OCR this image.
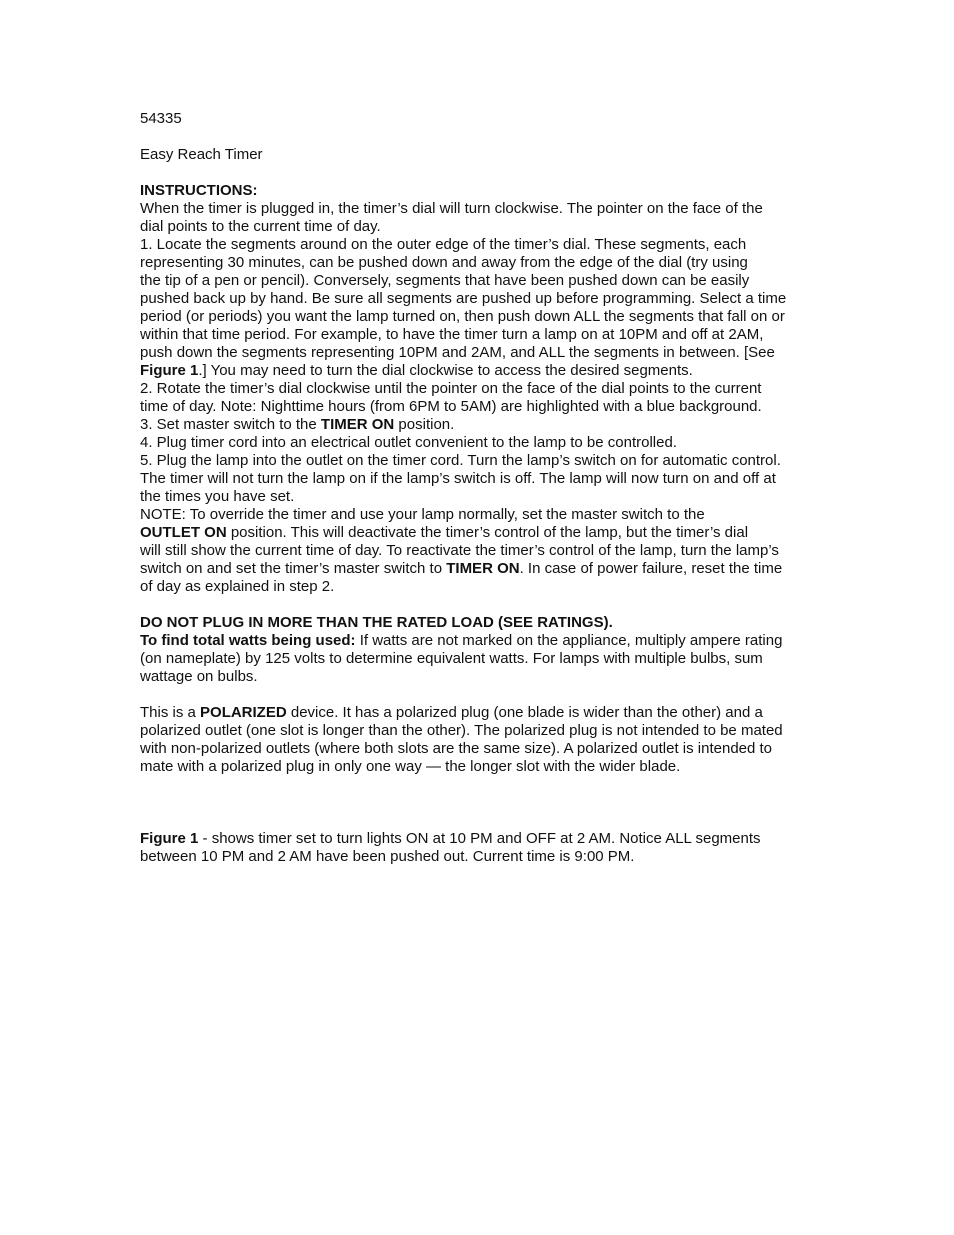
54335
Easy Reach Timer
INSTRUCTIONS:
When the timer is plugged in, the timer’s dial will turn clockwise. The pointer on the face of the
dial points to the current time of day.
1. Locate the segments around on the outer edge of the timer’s dial. These segments, each
representing 30 minutes, can be pushed down and away from the edge of the dial (try using
the tip of a pen or pencil). Conversely, segments that have been pushed down can be easily
pushed back up by hand. Be sure all segments are pushed up before programming. Select a time
period (or periods) you want the lamp turned on, then push down ALL the segments that fall on or
within that time period. For example, to have the timer turn a lamp on at 10PM and off at 2AM,
push down the segments representing 10PM and 2AM, and ALL the segments in between. [See
Figure 1.] You may need to turn the dial clockwise to access the desired segments.
2. Rotate the timer’s dial clockwise until the pointer on the face of the dial points to the current
time of day. Note: Nighttime hours (from 6PM to 5AM) are highlighted with a blue background.
3. Set master switch to the TIMER ON position.
4. Plug timer cord into an electrical outlet convenient to the lamp to be controlled.
5. Plug the lamp into the outlet on the timer cord. Turn the lamp’s switch on for automatic control.
The timer will not turn the lamp on if the lamp’s switch is off. The lamp will now turn on and off at
the times you have set.
NOTE: To override the timer and use your lamp normally, set the master switch to the
OUTLET ON position. This will deactivate the timer’s control of the lamp, but the timer’s dial
will still show the current time of day. To reactivate the timer’s control of the lamp, turn the lamp’s
switch on and set the timer’s master switch to TIMER ON. In case of power failure, reset the time
of day as explained in step 2.
DO NOT PLUG IN MORE THAN THE RATED LOAD (SEE RATINGS).
To find total watts being used: If watts are not marked on the appliance, multiply ampere rating
(on nameplate) by 125 volts to determine equivalent watts. For lamps with multiple bulbs, sum
wattage on bulbs.
This is a POLARIZED device. It has a polarized plug (one blade is wider than the other) and a
polarized outlet (one slot is longer than the other). The polarized plug is not intended to be mated
with non-polarized outlets (where both slots are the same size). A polarized outlet is intended to
mate with a polarized plug in only one way — the longer slot with the wider blade.
Figure 1 - shows timer set to turn lights ON at 10 PM and OFF at 2 AM. Notice ALL segments
between 10 PM and 2 AM have been pushed out. Current time is 9:00 PM.
